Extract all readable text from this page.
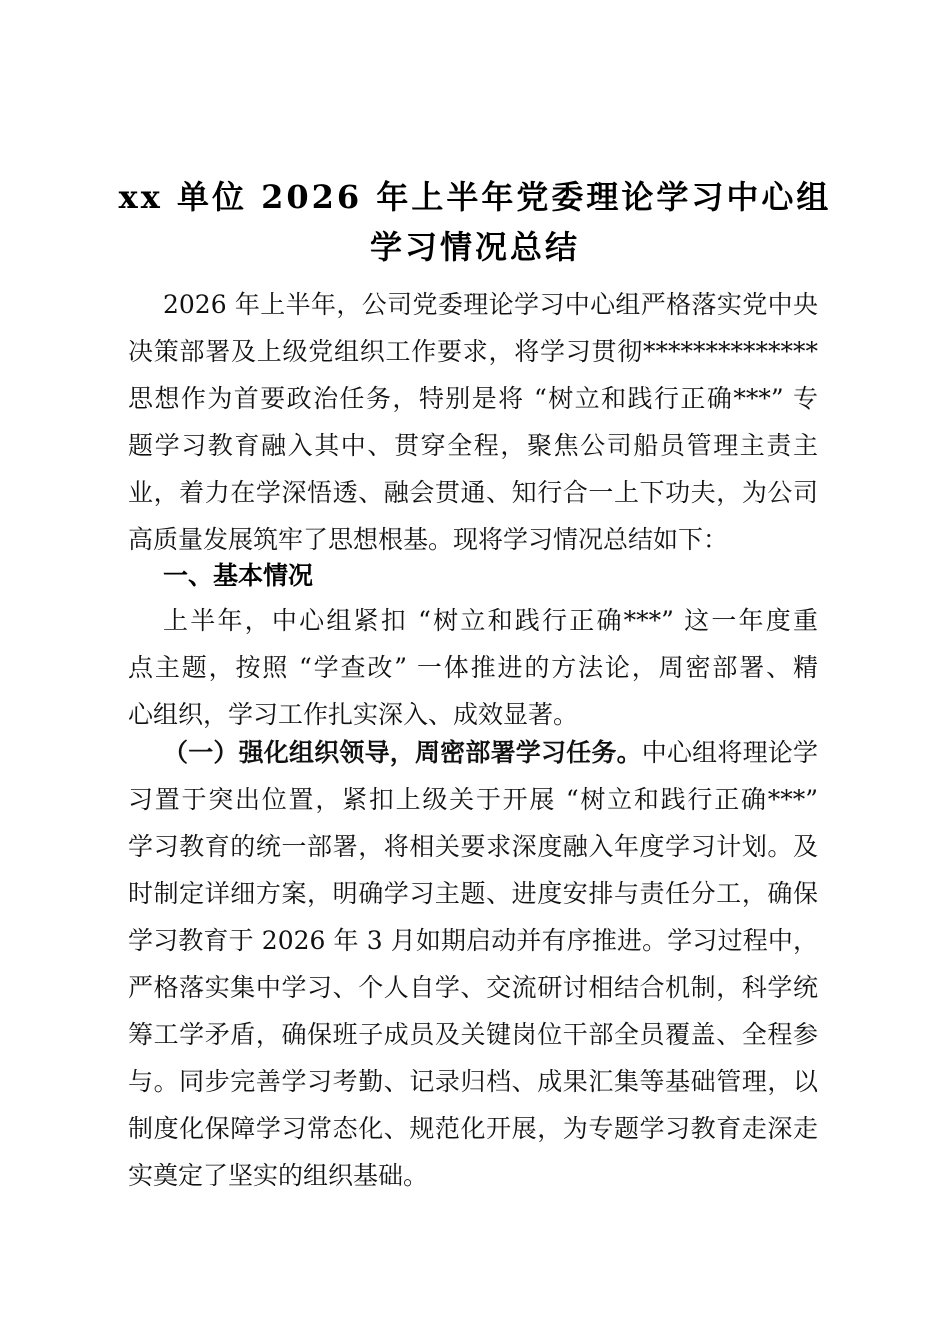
xx 单位 2026 年上半年党委理论学习中心组
学习情况总结
2026 年上半年，公司党委理论学习中心组严格落实党中央
决策部署及上级党组织工作要求，将学习贯彻**************
思想作为首要政治任务，特别是将 “树立和践行正确***” 专
题学习教育融入其中、贯穿全程，聚焦公司船员管理主责主
业，着力在学深悟透、融会贯通、知行合一上下功夫，为公司
高质量发展筑牢了思想根基。现将学习情况总结如下：
一、基本情况
上半年，中心组紧扣 “树立和践行正确***” 这一年度重
点主题，按照 “学查改” 一体推进的方法论，周密部署、精
心组织，学习工作扎实深入、成效显著。
（一）强化组织领导，周密部署学习任务。中心组将理论学
习置于突出位置，紧扣上级关于开展 “树立和践行正确***”
学习教育的统一部署，将相关要求深度融入年度学习计划。及
时制定详细方案，明确学习主题、进度安排与责任分工，确保
学习教育于 2026 年 3 月如期启动并有序推进。学习过程中，
严格落实集中学习、个人自学、交流研讨相结合机制，科学统
筹工学矛盾，确保班子成员及关键岗位干部全员覆盖、全程参
与。同步完善学习考勤、记录归档、成果汇集等基础管理，以
制度化保障学习常态化、规范化开展，为专题学习教育走深走
实奠定了坚实的组织基础。
